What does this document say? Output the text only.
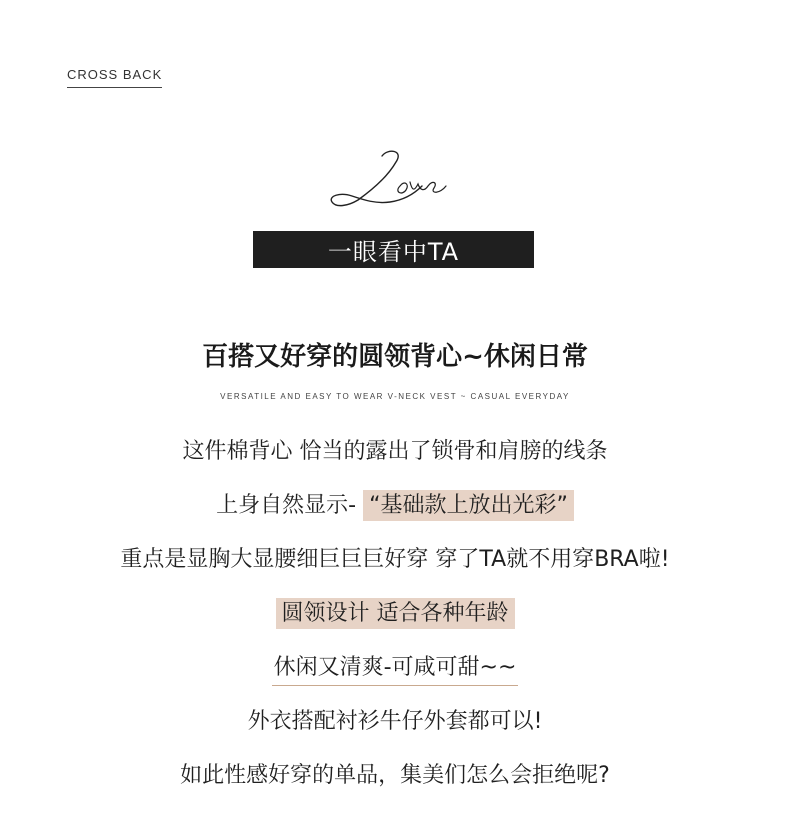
CROSS BACK
一眼看中TA
百搭又好穿的圆领背心~休闲日常
VERSATILE AND EASY TO WEAR V-NECK VEST ~ CASUAL EVERYDAY
这件棉背心 恰当的露出了锁骨和肩膀的线条
上身自然显示- “基础款上放出光彩”
重点是显胸大显腰细巨巨巨好穿 穿了TA就不用穿BRA啦!
圆领设计 适合各种年龄
休闲又清爽-可咸可甜~~
外衣搭配衬衫牛仔外套都可以!
如此性感好穿的单品，集美们怎么会拒绝呢?
